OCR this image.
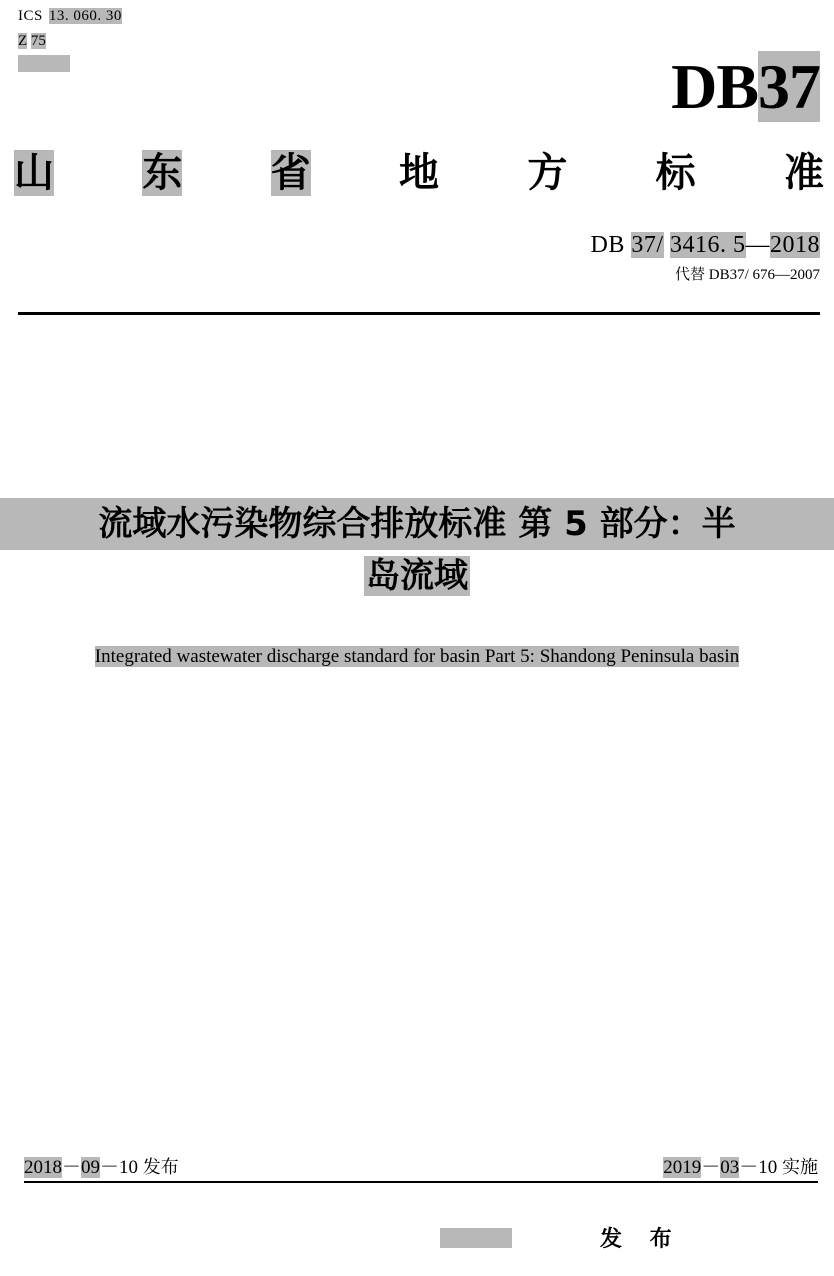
ICS 13. 060. 30
Z 75
DB37
山 东 省 地 方 标 准
DB 37/ 3416. 5—2018
代替 DB37/ 676—2007
流域水污染物综合排放标准 第 5 部分：半
岛流域
Integrated wastewater discharge standard for basin Part 5: Shandong Peninsula basin
2018－09－10 发布	2019－03－10 实施
发 布
